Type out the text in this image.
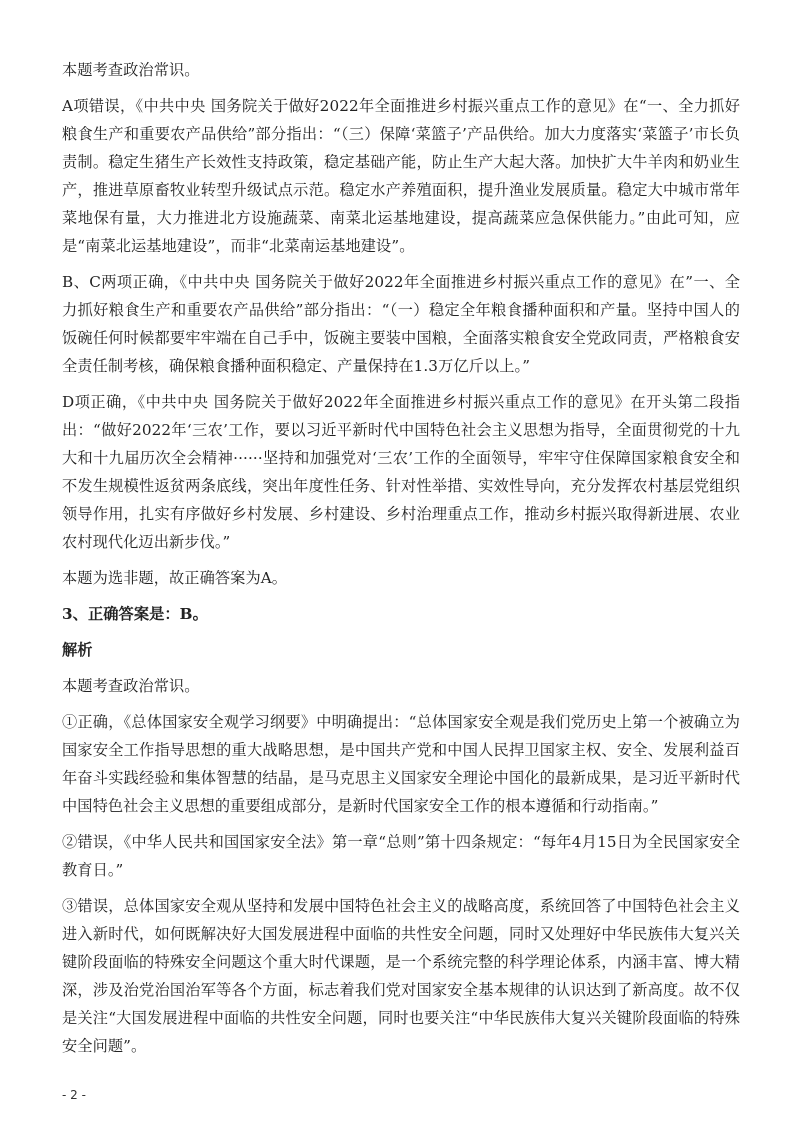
本题考查政治常识。

A项错误，《中共中央 国务院关于做好2022年全面推进乡村振兴重点工作的意见》在“一、全力抓好粮食生产和重要农产品供给”部分指出：“（三）保障‘菜篮子’产品供给。加大力度落实‘菜篮子’市长负责制。稳定生猪生产长效性支持政策，稳定基础产能，防止生产大起大落。加快扩大牛羊肉和奶业生产，推进草原畜牧业转型升级试点示范。稳定水产养殖面积，提升渔业发展质量。稳定大中城市常年菜地保有量，大力推进北方设施蔬菜、南菜北运基地建设，提高蔬菜应急保供能力。”由此可知，应是“南菜北运基地建设”，而非“北菜南运基地建设”。

B、C两项正确，《中共中央 国务院关于做好2022年全面推进乡村振兴重点工作的意见》在”一、全力抓好粮食生产和重要农产品供给”部分指出：“（一）稳定全年粮食播种面积和产量。坚持中国人的饭碗任何时候都要牢牢端在自己手中，饭碗主要装中国粮，全面落实粮食安全党政同责，严格粮食安全责任制考核，确保粮食播种面积稳定、产量保持在1.3万亿斤以上。”

D项正确，《中共中央 国务院关于做好2022年全面推进乡村振兴重点工作的意见》在开头第二段指出：“做好2022年‘三农’工作，要以习近平新时代中国特色社会主义思想为指导，全面贯彻党的十九大和十九届历次全会精神······坚持和加强党对‘三农’工作的全面领导，牢牢守住保障国家粮食安全和不发生规模性返贫两条底线，突出年度性任务、针对性举措、实效性导向，充分发挥农村基层党组织领导作用，扎实有序做好乡村发展、乡村建设、乡村治理重点工作，推动乡村振兴取得新进展、农业农村现代化迈出新步伐。”

本题为选非题，故正确答案为A。

3、正确答案是：B。

解析

本题考查政治常识。

①正确，《总体国家安全观学习纲要》中明确提出：“总体国家安全观是我们党历史上第一个被确立为国家安全工作指导思想的重大战略思想，是中国共产党和中国人民捍卫国家主权、安全、发展利益百年奋斗实践经验和集体智慧的结晶，是马克思主义国家安全理论中国化的最新成果，是习近平新时代中国特色社会主义思想的重要组成部分，是新时代国家安全工作的根本遵循和行动指南。”

②错误，《中华人民共和国国家安全法》第一章“总则”第十四条规定：“每年4月15日为全民国家安全教育日。”

③错误，总体国家安全观从坚持和发展中国特色社会主义的战略高度，系统回答了中国特色社会主义进入新时代，如何既解决好大国发展进程中面临的共性安全问题，同时又处理好中华民族伟大复兴关键阶段面临的特殊安全问题这个重大时代课题，是一个系统完整的科学理论体系，内涵丰富、博大精深，涉及治党治国治军等各个方面，标志着我们党对国家安全基本规律的认识达到了新高度。故不仅是关注“大国发展进程中面临的共性安全问题，同时也要关注“中华民族伟大复兴关键阶段面临的特殊安全问题”。

- 2 -
